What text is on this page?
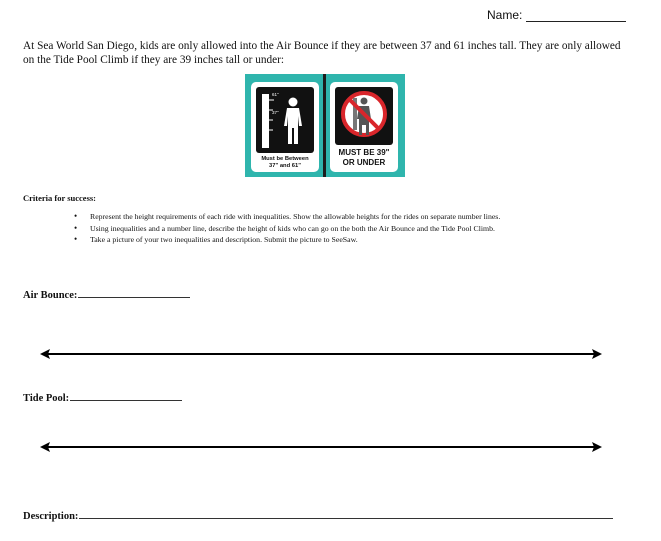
Name:
At Sea World San Diego, kids are only allowed into the Air Bounce if they are between 37 and 61 inches tall. They are only allowed on the Tide Pool Climb if they are 39 inches tall or under:
61"
37"
Must be Between
37" and 61"
MUST BE 39"
OR UNDER
Criteria for success:
• Represent the height requirements of each ride with inequalities. Show the allowable heights for the rides on separate number lines.
• Using inequalities and a number line, describe the height of kids who can go on the both the Air Bounce and the Tide Pool Climb.
• Take a picture of your two inequalities and description. Submit the picture to SeeSaw.
Air Bounce:
Tide Pool:
Description:
